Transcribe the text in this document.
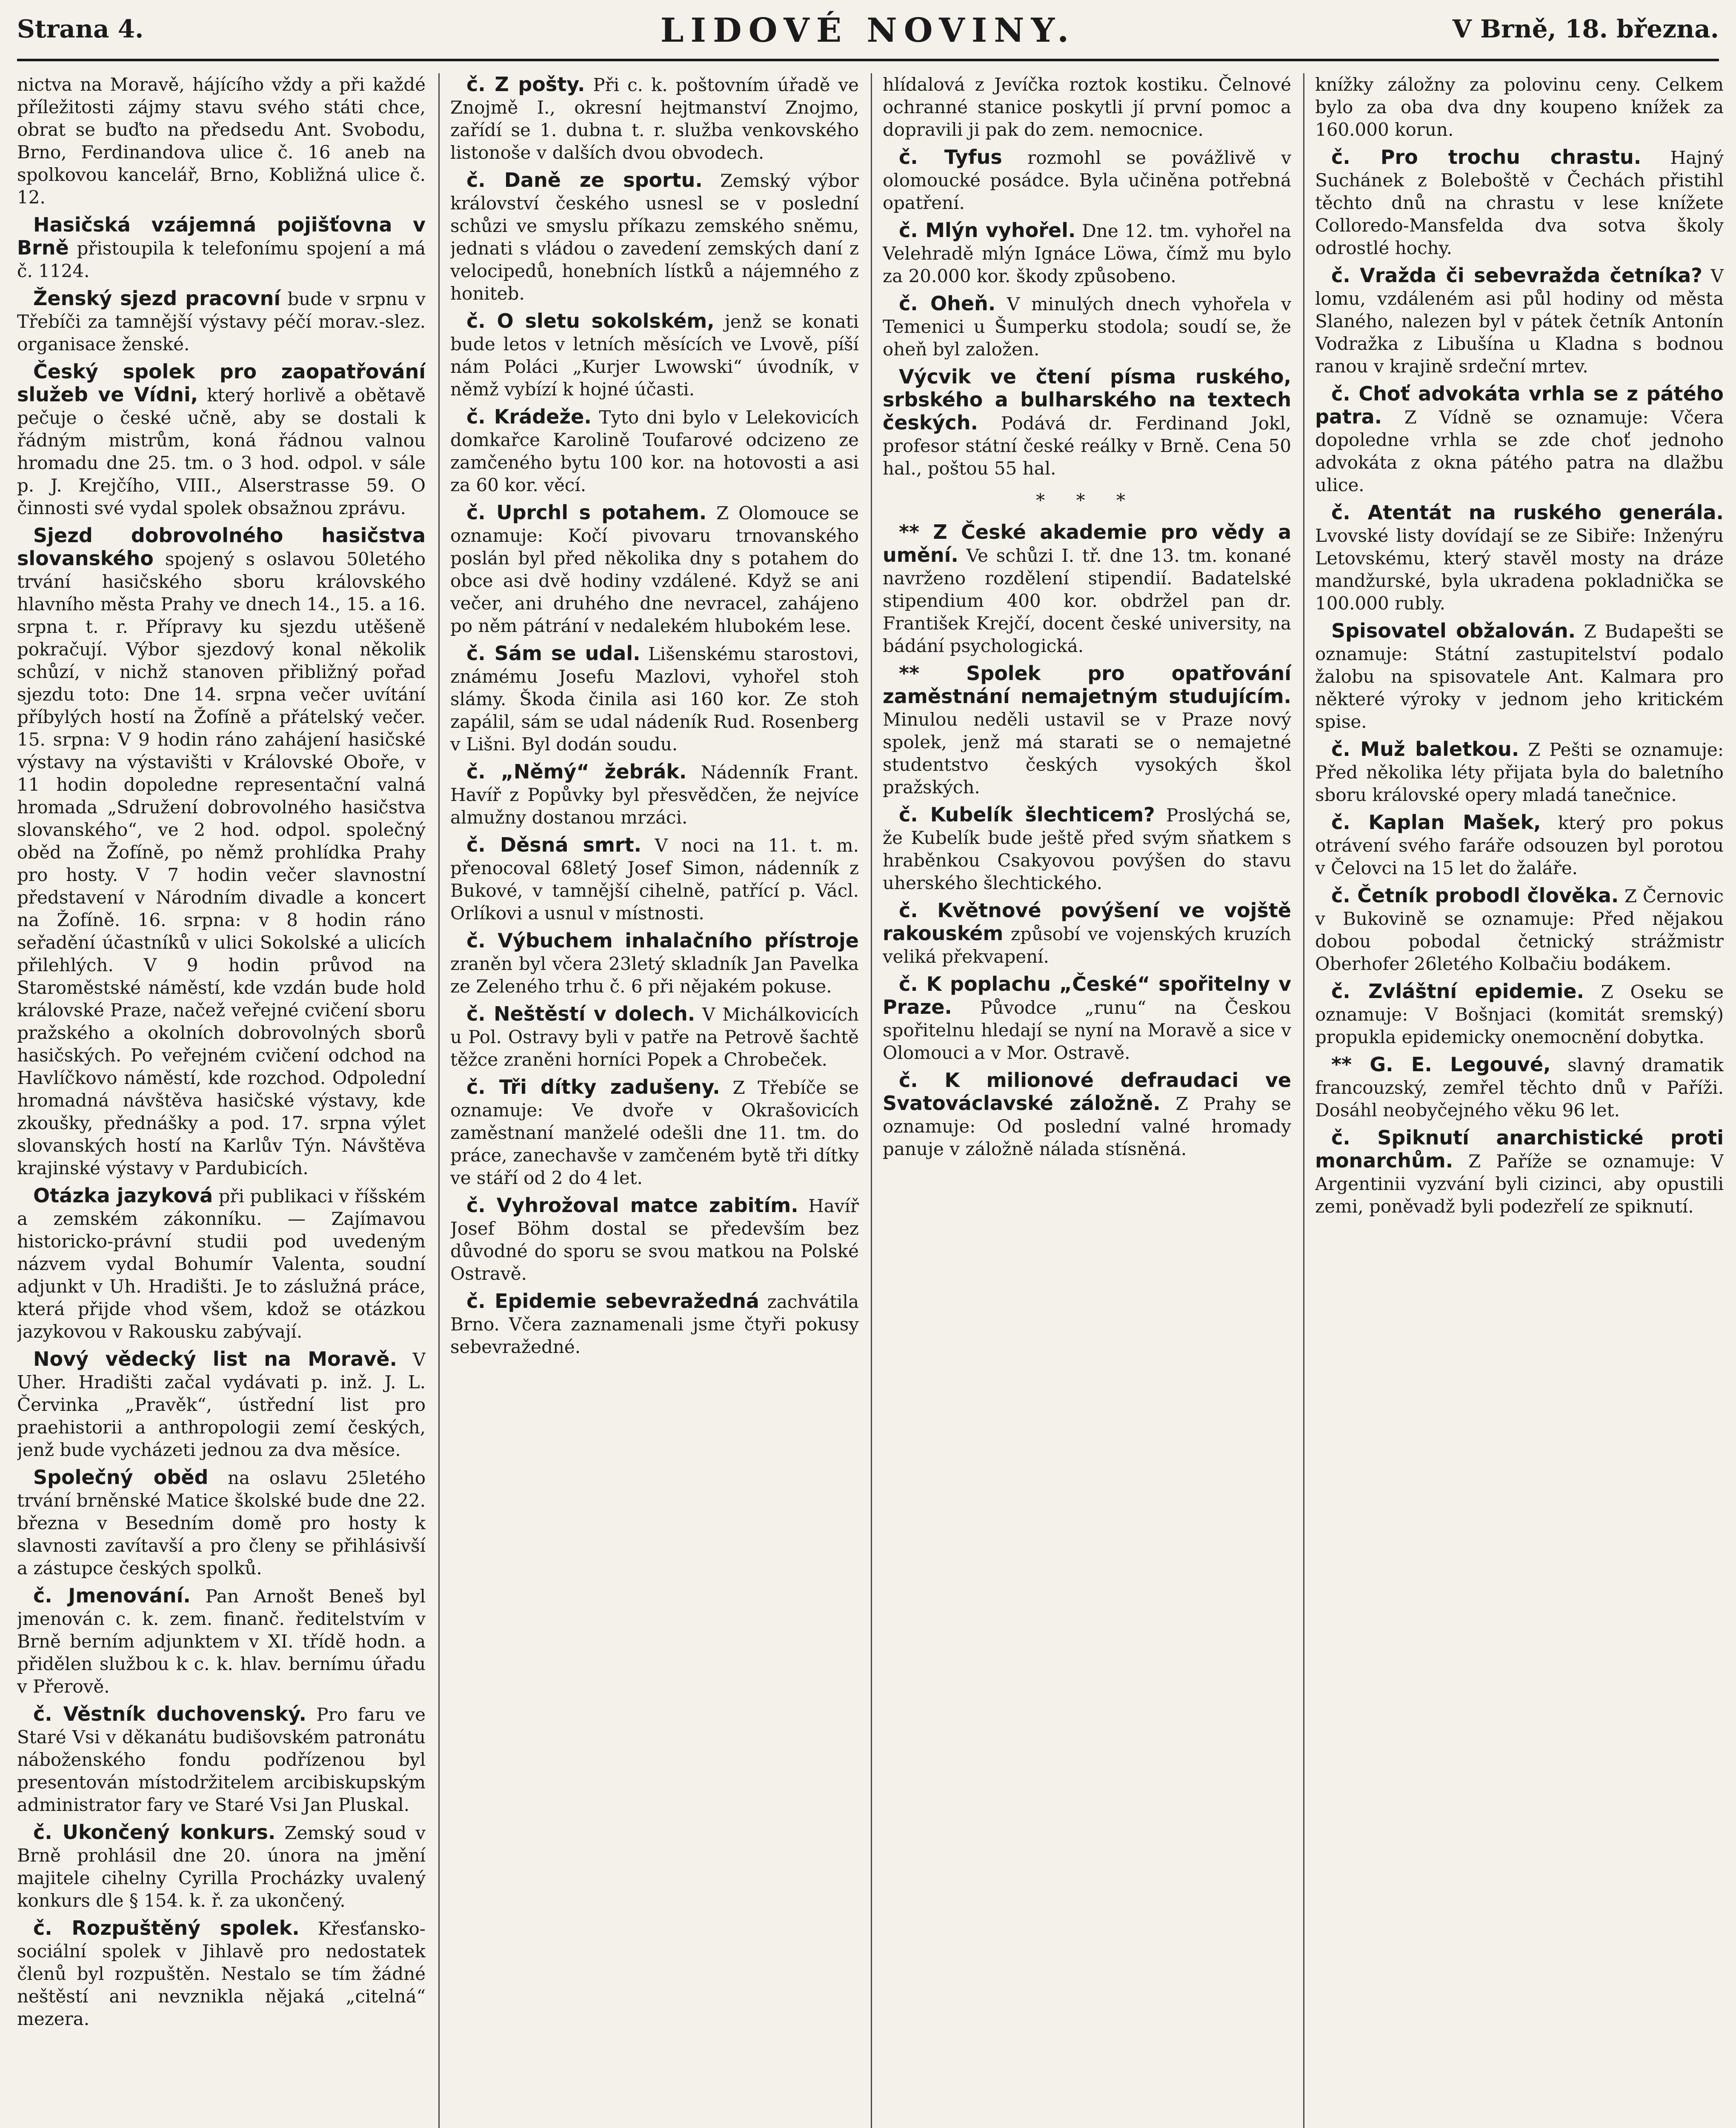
Strana 4.	LIDOVÉ NOVINY.	V Brně, 18. března.

nictva na Moravě, hájícího vždy a při každé příležitosti zájmy stavu svého státi chce, obrat se buďto na předsedu Ant. Svobodu, Brno, Ferdinandova ulice č. 16 aneb na spolkovou kancelář, Brno, Kobližná ulice č. 12.

Hasičská vzájemná pojišťovna v Brně přistoupila k telefonímu spojení a má č. 1124.

Ženský sjezd pracovní bude v srpnu v Třebíči za tamnější výstavy péčí morav.-slez. organisace ženské.

Český spolek pro zaopatřování služeb ve Vídni, který horlivě a obětavě pečuje o české učně, aby se dostali k řádným mistrům, koná řádnou valnou hromadu dne 25. tm. o 3 hod. odpol. v sále p. J. Krejčího, VIII., Alserstrasse 59. O činnosti své vydal spolek obsažnou zprávu.

Sjezd dobrovolného hasičstva slovanského spojený s oslavou 50letého trvání hasičského sboru královského hlavního města Prahy ve dnech 14., 15. a 16. srpna t. r. Přípravy ku sjezdu utěšeně pokračují. Výbor sjezdový konal několik schůzí, v nichž stanoven přibližný pořad sjezdu toto: Dne 14. srpna večer uvítání příbylých hostí na Žofíně a přátelský večer. 15. srpna: V 9 hodin ráno zahájení hasičské výstavy na výstavišti v Královské Oboře, v 11 hodin dopoledne representační valná hromada „Sdružení dobrovolného hasičstva slovanského“, ve 2 hod. odpol. společný oběd na Žofíně, po němž prohlídka Prahy pro hosty. V 7 hodin večer slavnostní představení v Národním divadle a koncert na Žofíně. 16. srpna: v 8 hodin ráno seřadění účastníků v ulici Sokolské a ulicích přilehlých. V 9 hodin průvod na Staroměstské náměstí, kde vzdán bude hold královské Praze, načež veřejné cvičení sboru pražského a okolních dobrovolných sborů hasičských. Po veřejném cvičení odchod na Havlíčkovo náměstí, kde rozchod. Odpolední hromadná návštěva hasičské výstavy, kde zkoušky, přednášky a pod. 17. srpna výlet slovanských hostí na Karlův Týn. Návštěva krajinské výstavy v Pardubicích.

Otázka jazyková při publikaci v říšském a zemském zákonníku. — Zajímavou historicko-právní studii pod uvedeným názvem vydal Bohumír Valenta, soudní adjunkt v Uh. Hradišti. Je to záslužná práce, která přijde vhod všem, kdož se otázkou jazykovou v Rakousku zabývají.

Nový vědecký list na Moravě. V Uher. Hradišti začal vydávati p. inž. J. L. Červinka „Pravěk“, ústřední list pro praehistorii a anthropologii zemí českých, jenž bude vycházeti jednou za dva měsíce.

Společný oběd na oslavu 25letého trvání brněnské Matice školské bude dne 22. března v Besedním domě pro hosty k slavnosti zavítavší a pro členy se přihlásivší a zástupce českých spolků.

č. Jmenování. Pan Arnošt Beneš byl jmenován c. k. zem. finanč. ředitelstvím v Brně berním adjunktem v XI. třídě hodn. a přidělen službou k c. k. hlav. bernímu úřadu v Přerově.

č. Věstník duchovenský. Pro faru ve Staré Vsi v děkanátu budišovském patronátu náboženského fondu podřízenou byl presentován místodržitelem arcibiskupským administrator fary ve Staré Vsi Jan Pluskal.

č. Ukončený konkurs. Zemský soud v Brně prohlásil dne 20. února na jmění majitele cihelny Cyrilla Procházky uvalený konkurs dle § 154. k. ř. za ukončený.

č. Rozpuštěný spolek. Křesťansko-sociální spolek v Jihlavě pro nedostatek členů byl rozpuštěn. Nestalo se tím žádné neštěstí ani nevznikla nějaká „citelná“ mezera.

č. Z pošty. Při c. k. poštovním úřadě ve Znojmě I., okresní hejtmanství Znojmo, zařídí se 1. dubna t. r. služba venkovského listonoše v dalších dvou obvodech.

č. Daně ze sportu. Zemský výbor království českého usnesl se v poslední schůzi ve smyslu příkazu zemského sněmu, jednati s vládou o zavedení zemských daní z velocipedů, honebních lístků a nájemného z honiteb.

č. O sletu sokolském, jenž se konati bude letos v letních měsících ve Lvově, píší nám Poláci „Kurjer Lwowski“ úvodník, v němž vybízí k hojné účasti.

č. Krádeže. Tyto dni bylo v Lelekovicích domkařce Karolině Toufarové odcizeno ze zamčeného bytu 100 kor. na hotovosti a asi za 60 kor. věcí.

č. Uprchl s potahem. Z Olomouce se oznamuje: Kočí pivovaru trnovanského poslán byl před několika dny s potahem do obce asi dvě hodiny vzdálené. Když se ani večer, ani druhého dne nevracel, zahájeno po něm pátrání v nedalekém hlubokém lese.

č. Sám se udal. Lišenskému starostovi, známému Josefu Mazlovi, vyhořel stoh slámy. Škoda činila asi 160 kor. Ze stoh zapálil, sám se udal nádeník Rud. Rosenberg v Lišni. Byl dodán soudu.

č. „Němý“ žebrák. Nádenník Frant. Havíř z Popůvky byl přesvědčen, že nejvíce almužny dostanou mrzáci.

č. Děsná smrt. V noci na 11. t. m. přenocoval 68letý Josef Simon, nádenník z Bukové, v tamnější cihelně, patřící p. Václ. Orlíkovi a usnul v místnosti.

č. Výbuchem inhalačního přístroje zraněn byl včera 23letý skladník Jan Pavelka ze Zeleného trhu č. 6 při nějakém pokuse.

č. Neštěstí v dolech. V Michálkovicích u Pol. Ostravy byli v patře na Petrově šachtě těžce zraněni horníci Popek a Chrobeček.

č. Tři dítky zadušeny. Z Třebíče se oznamuje: Ve dvoře v Okrašovicích zaměstnaní manželé odešli dne 11. tm. do práce, zanechavše v zamčeném bytě tři dítky ve stáří od 2 do 4 let.

č. Vyhrožoval matce zabitím. Havíř Josef Böhm dostal se především bez důvodné do sporu se svou matkou na Polské Ostravě.

č. Epidemie sebevražedná zachvátila Brno. Včera zaznamenali jsme čtyři pokusy sebevražedné.

hlídalová z Jevíčka roztok kostiku. Čelnové ochranné stanice poskytli jí první pomoc a dopravili ji pak do zem. nemocnice.

č. Tyfus rozmohl se povážlivě v olomoucké posádce. Byla učiněna potřebná opatření.

č. Mlýn vyhořel. Dne 12. tm. vyhořel na Velehradě mlýn Ignáce Löwa, čímž mu bylo za 20.000 kor. škody způsobeno.

č. Oheň. V minulých dnech vyhořela v Temenici u Šumperku stodola; soudí se, že oheň byl založen.

Výcvik ve čtení písma ruského, srbského a bulharského na textech českých. Podává dr. Ferdinand Jokl, profesor státní české reálky v Brně. Cena 50 hal., poštou 55 hal.

* * *

** Z České akademie pro vědy a umění. Ve schůzi I. tř. dne 13. tm. konané navrženo rozdělení stipendií. Badatelské stipendium 400 kor. obdržel pan dr. František Krejčí, docent české university, na bádání psychologická.

** Spolek pro opatřování zaměstnání nemajetným studujícím. Minulou neděli ustavil se v Praze nový spolek, jenž má starati se o nemajetné studentstvo českých vysokých škol pražských.

č. Kubelík šlechticem? Proslýchá se, že Kubelík bude ještě před svým sňatkem s hraběnkou Csakyovou povýšen do stavu uherského šlechtického.

č. Květnové povýšení ve vojště rakouském způsobí ve vojenských kruzích veliká překvapení.

č. K poplachu „České“ spořitelny v Praze. Původce „runu“ na Českou spořitelnu hledají se nyní na Moravě a sice v Olomouci a v Mor. Ostravě.

č. K milionové defraudaci ve Svatováclavské záložně. Z Prahy se oznamuje: Od poslední valné hromady panuje v záložně nálada stísněná.

knížky záložny za polovinu ceny. Celkem bylo za oba dva dny koupeno knížek za 160.000 korun.

č. Pro trochu chrastu. Hajný Suchánek z Boleboště v Čechách přistihl těchto dnů na chrastu v lese knížete Colloredo-Mansfelda dva sotva školy odrostlé hochy.

č. Vražda či sebevražda četníka? V lomu, vzdáleném asi půl hodiny od města Slaného, nalezen byl v pátek četník Antonín Vodražka z Libušína u Kladna s bodnou ranou v krajině srdeční mrtev.

č. Choť advokáta vrhla se z pátého patra. Z Vídně se oznamuje: Včera dopoledne vrhla se zde choť jednoho advokáta z okna pátého patra na dlažbu ulice.

č. Atentát na ruského generála. Lvovské listy dovídají se ze Sibiře: Inženýru Letovskému, který stavěl mosty na dráze mandžurské, byla ukradena pokladnička se 100.000 rubly.

Spisovatel obžalován. Z Budapešti se oznamuje: Státní zastupitelství podalo žalobu na spisovatele Ant. Kalmara pro některé výroky v jednom jeho kritickém spise.

č. Muž baletkou. Z Pešti se oznamuje: Před několika léty přijata byla do baletního sboru královské opery mladá tanečnice.

č. Kaplan Mašek, který pro pokus otrávení svého faráře odsouzen byl porotou v Čelovci na 15 let do žaláře.

č. Četník probodl člověka. Z Černovic v Bukovině se oznamuje: Před nějakou dobou pobodal četnický strážmistr Oberhofer 26letého Kolbačiu bodákem.

č. Zvláštní epidemie. Z Oseku se oznamuje: V Bošnjaci (komitát sremský) propukla epidemicky onemocnění dobytka.

** G. E. Legouvé, slavný dramatik francouzský, zemřel těchto dnů v Paříži. Dosáhl neobyčejného věku 96 let.

č. Spiknutí anarchistické proti monarchům. Z Paříže se oznamuje: V Argentinii vyzvání byli cizinci, aby opustili zemi, poněvadž byli podezřelí ze spiknutí.
